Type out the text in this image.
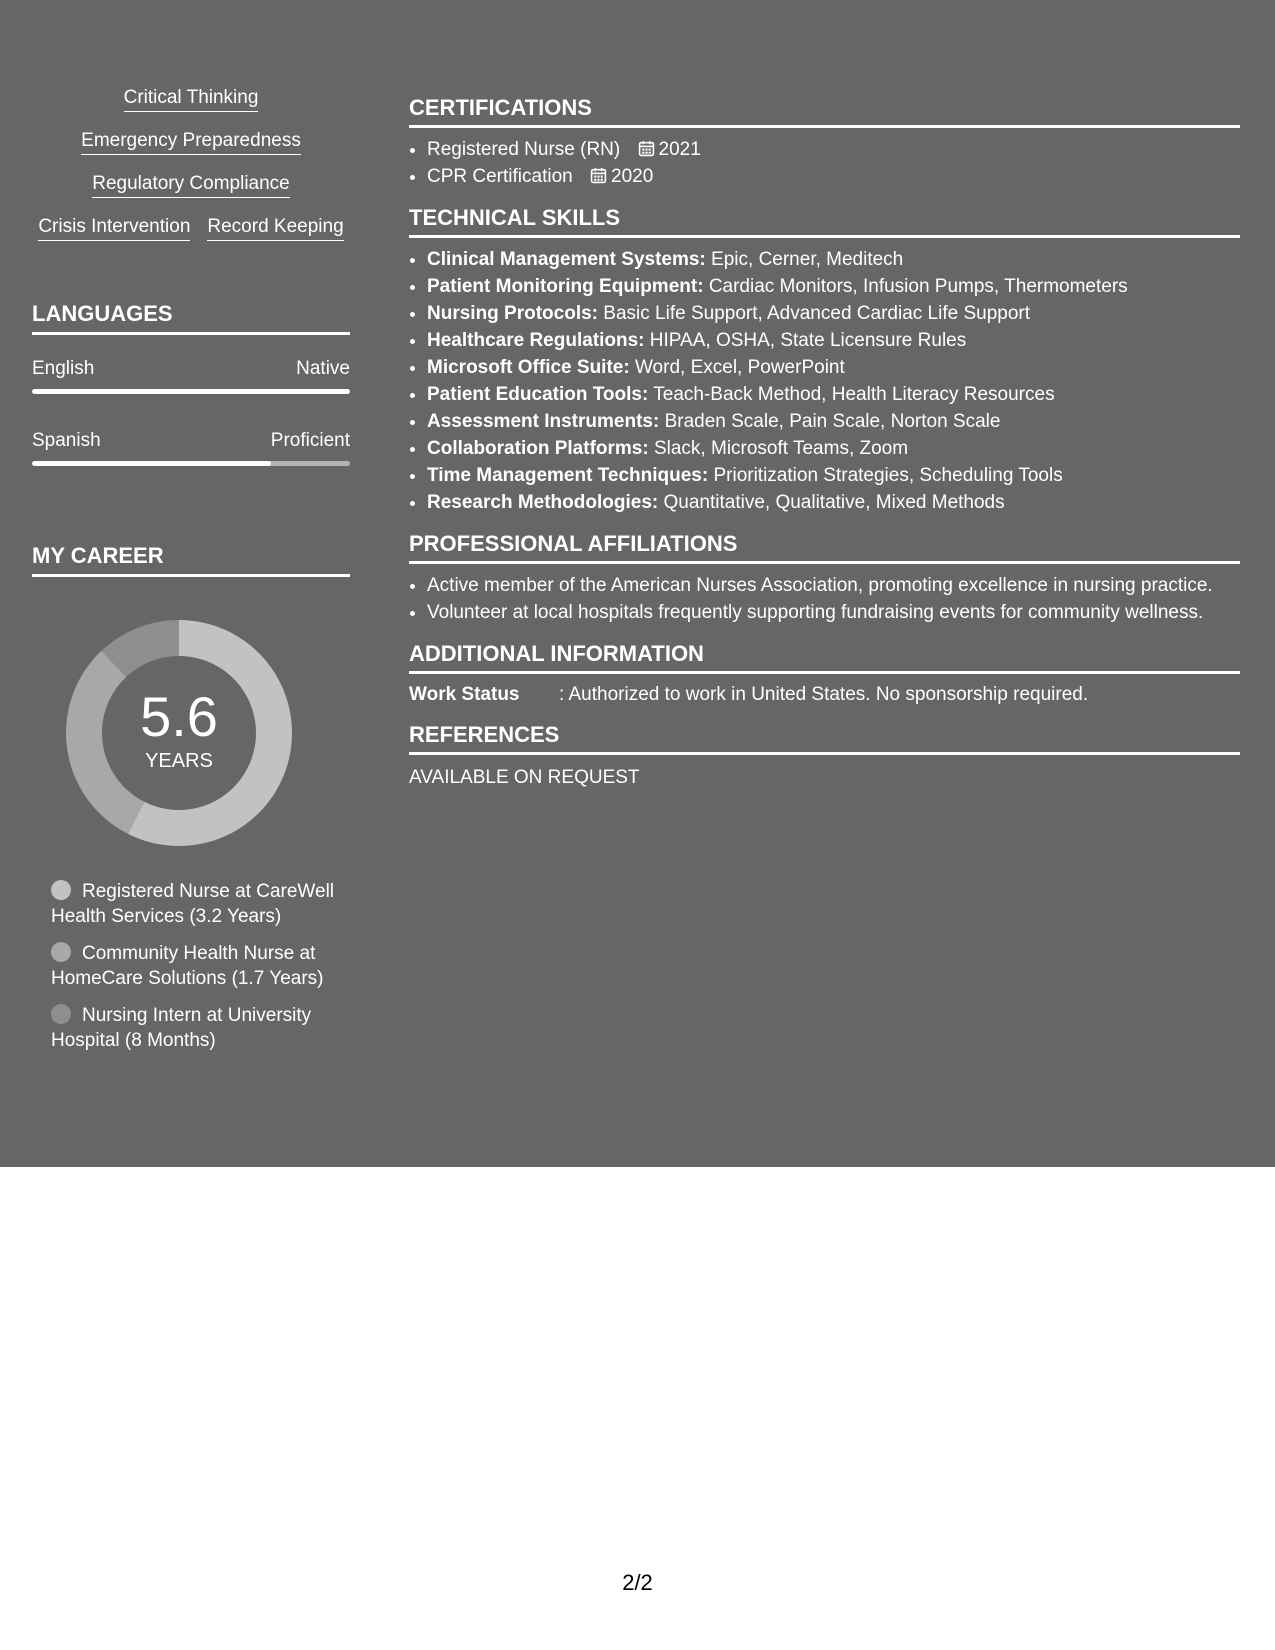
Critical Thinking
Emergency Preparedness
Regulatory Compliance
Crisis Intervention Record Keeping
LANGUAGES
English	Native
Spanish	Proficient
MY CAREER
5.6
YEARS
Registered Nurse at CareWell Health Services (3.2 Years)
Community Health Nurse at HomeCare Solutions (1.7 Years)
Nursing Intern at University Hospital (8 Months)
CERTIFICATIONS
• Registered Nurse (RN) 2021
• CPR Certification 2020
TECHNICAL SKILLS
• Clinical Management Systems: Epic, Cerner, Meditech
• Patient Monitoring Equipment: Cardiac Monitors, Infusion Pumps, Thermometers
• Nursing Protocols: Basic Life Support, Advanced Cardiac Life Support
• Healthcare Regulations: HIPAA, OSHA, State Licensure Rules
• Microsoft Office Suite: Word, Excel, PowerPoint
• Patient Education Tools: Teach-Back Method, Health Literacy Resources
• Assessment Instruments: Braden Scale, Pain Scale, Norton Scale
• Collaboration Platforms: Slack, Microsoft Teams, Zoom
• Time Management Techniques: Prioritization Strategies, Scheduling Tools
• Research Methodologies: Quantitative, Qualitative, Mixed Methods
PROFESSIONAL AFFILIATIONS
• Active member of the American Nurses Association, promoting excellence in nursing practice.
• Volunteer at local hospitals frequently supporting fundraising events for community wellness.
ADDITIONAL INFORMATION
Work Status	: Authorized to work in United States. No sponsorship required.
REFERENCES
AVAILABLE ON REQUEST
2/2
